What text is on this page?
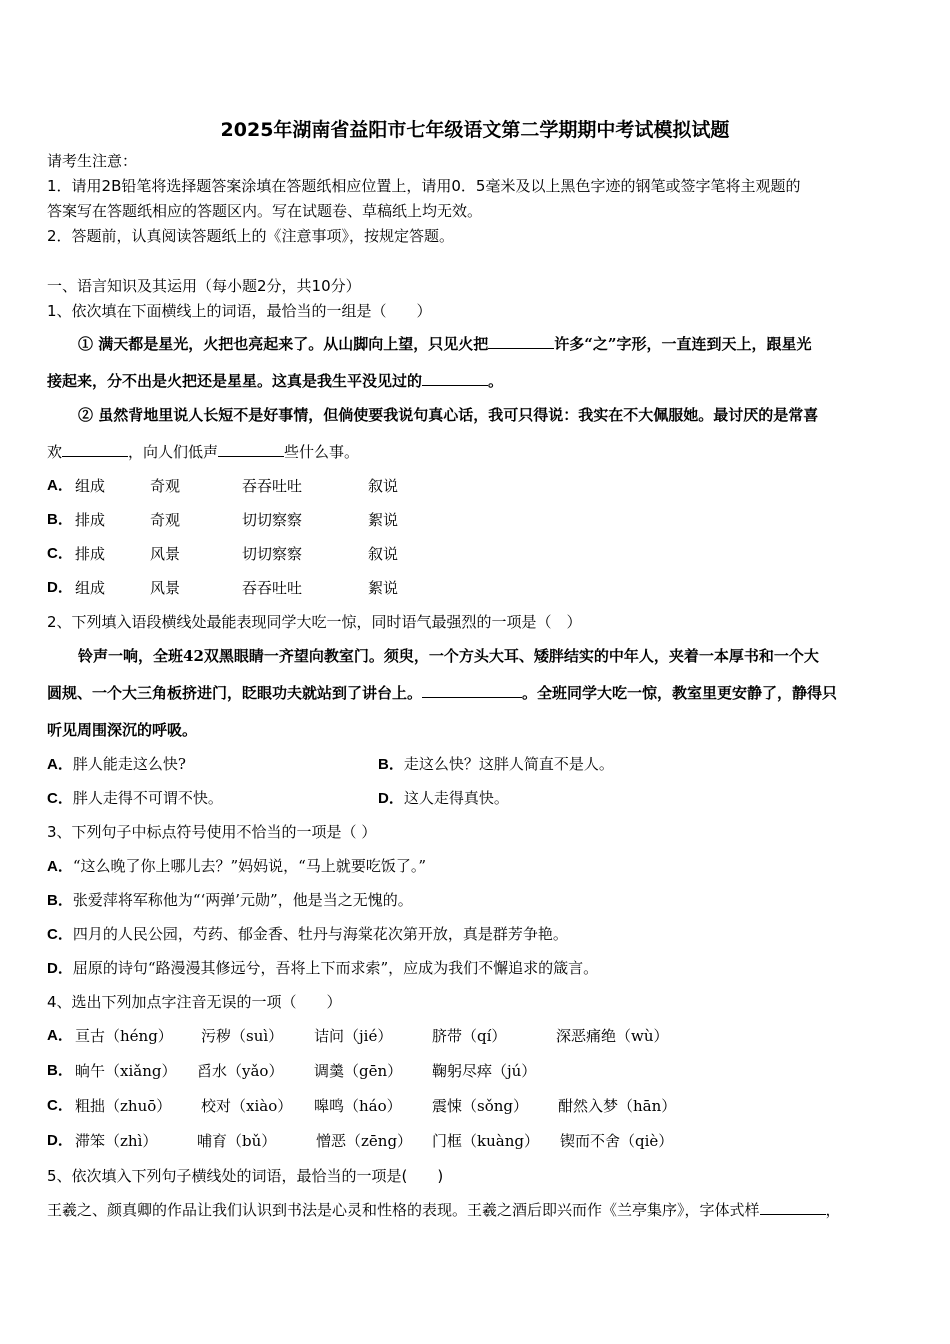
2025年湖南省益阳市七年级语文第二学期期中考试模拟试题
请考生注意：
1．请用2B铅笔将选择题答案涂填在答题纸相应位置上，请用0．5毫米及以上黑色字迹的钢笔或签字笔将主观题的
答案写在答题纸相应的答题区内。写在试题卷、草稿纸上均无效。
2．答题前，认真阅读答题纸上的《注意事项》，按规定答题。
一、语言知识及其运用（每小题2分，共10分）
1、依次填在下面横线上的词语，最恰当的一组是（　　）
① 满天都是星光，火把也亮起来了。从山脚向上望，只见火把	许多“之”字形，一直连到天上，跟星光
接起来，分不出是火把还是星星。这真是我生平没见过的	。
② 虽然背地里说人长短不是好事情，但倘使要我说句真心话，我可只得说：我实在不大佩服她。最讨厌的是常喜
欢	，向人们低声	些什么事。
A． 组成	奇观	吞吞吐吐	叙说
B． 排成	奇观	切切察察	絮说
C． 排成	风景	切切察察	叙说
D． 组成	风景	吞吞吐吐	絮说
2、下列填入语段横线处最能表现同学大吃一惊，同时语气最强烈的一项是（　）
铃声一响，全班42双黑眼睛一齐望向教室门。须臾，一个方头大耳、矮胖结实的中年人，夹着一本厚书和一个大
圆规、一个大三角板挤进门，眨眼功夫就站到了讲台上。	。全班同学大吃一惊，教室里更安静了，静得只
听见周围深沉的呼吸。
A．胖人能走这么快?	B．走这么快？这胖人简直不是人。
C．胖人走得不可谓不快。	D．这人走得真快。
3、下列句子中标点符号使用不恰当的一项是（ ）
A．“这么晚了你上哪儿去？”妈妈说，“马上就要吃饭了。”
B．张爱萍将军称他为“‘两弹’元勋”，他是当之无愧的。
C．四月的人民公园，芍药、郁金香、牡丹与海棠花次第开放，真是群芳争艳。
D．屈原的诗句“路漫漫其修远兮，吾将上下而求索”，应成为我们不懈追求的箴言。
4、选出下列加点字注音无误的一项（　　）
A． 亘古（héng） 污秽（suì） 诘问（jié）	脐带（qí）	深恶痛绝（wù）
B． 晌午（xiǎng） 舀水（yǎo） 调羹（gēn） 鞠躬尽瘁（jú）
C． 粗拙（zhuō） 校对（xiào） 嗥鸣（háo） 震悚（sǒng） 酣然入梦（hān）
D． 滞笨（zhì）	哺育（bǔ）	憎恶（zēng） 门框（kuàng） 锲而不舍（qiè）
5、依次填入下列句子横线处的词语，最恰当的一项是(　　)
王羲之、颜真卿的作品让我们认识到书法是心灵和性格的表现。王羲之酒后即兴而作《兰亭集序》，字体式样	，
